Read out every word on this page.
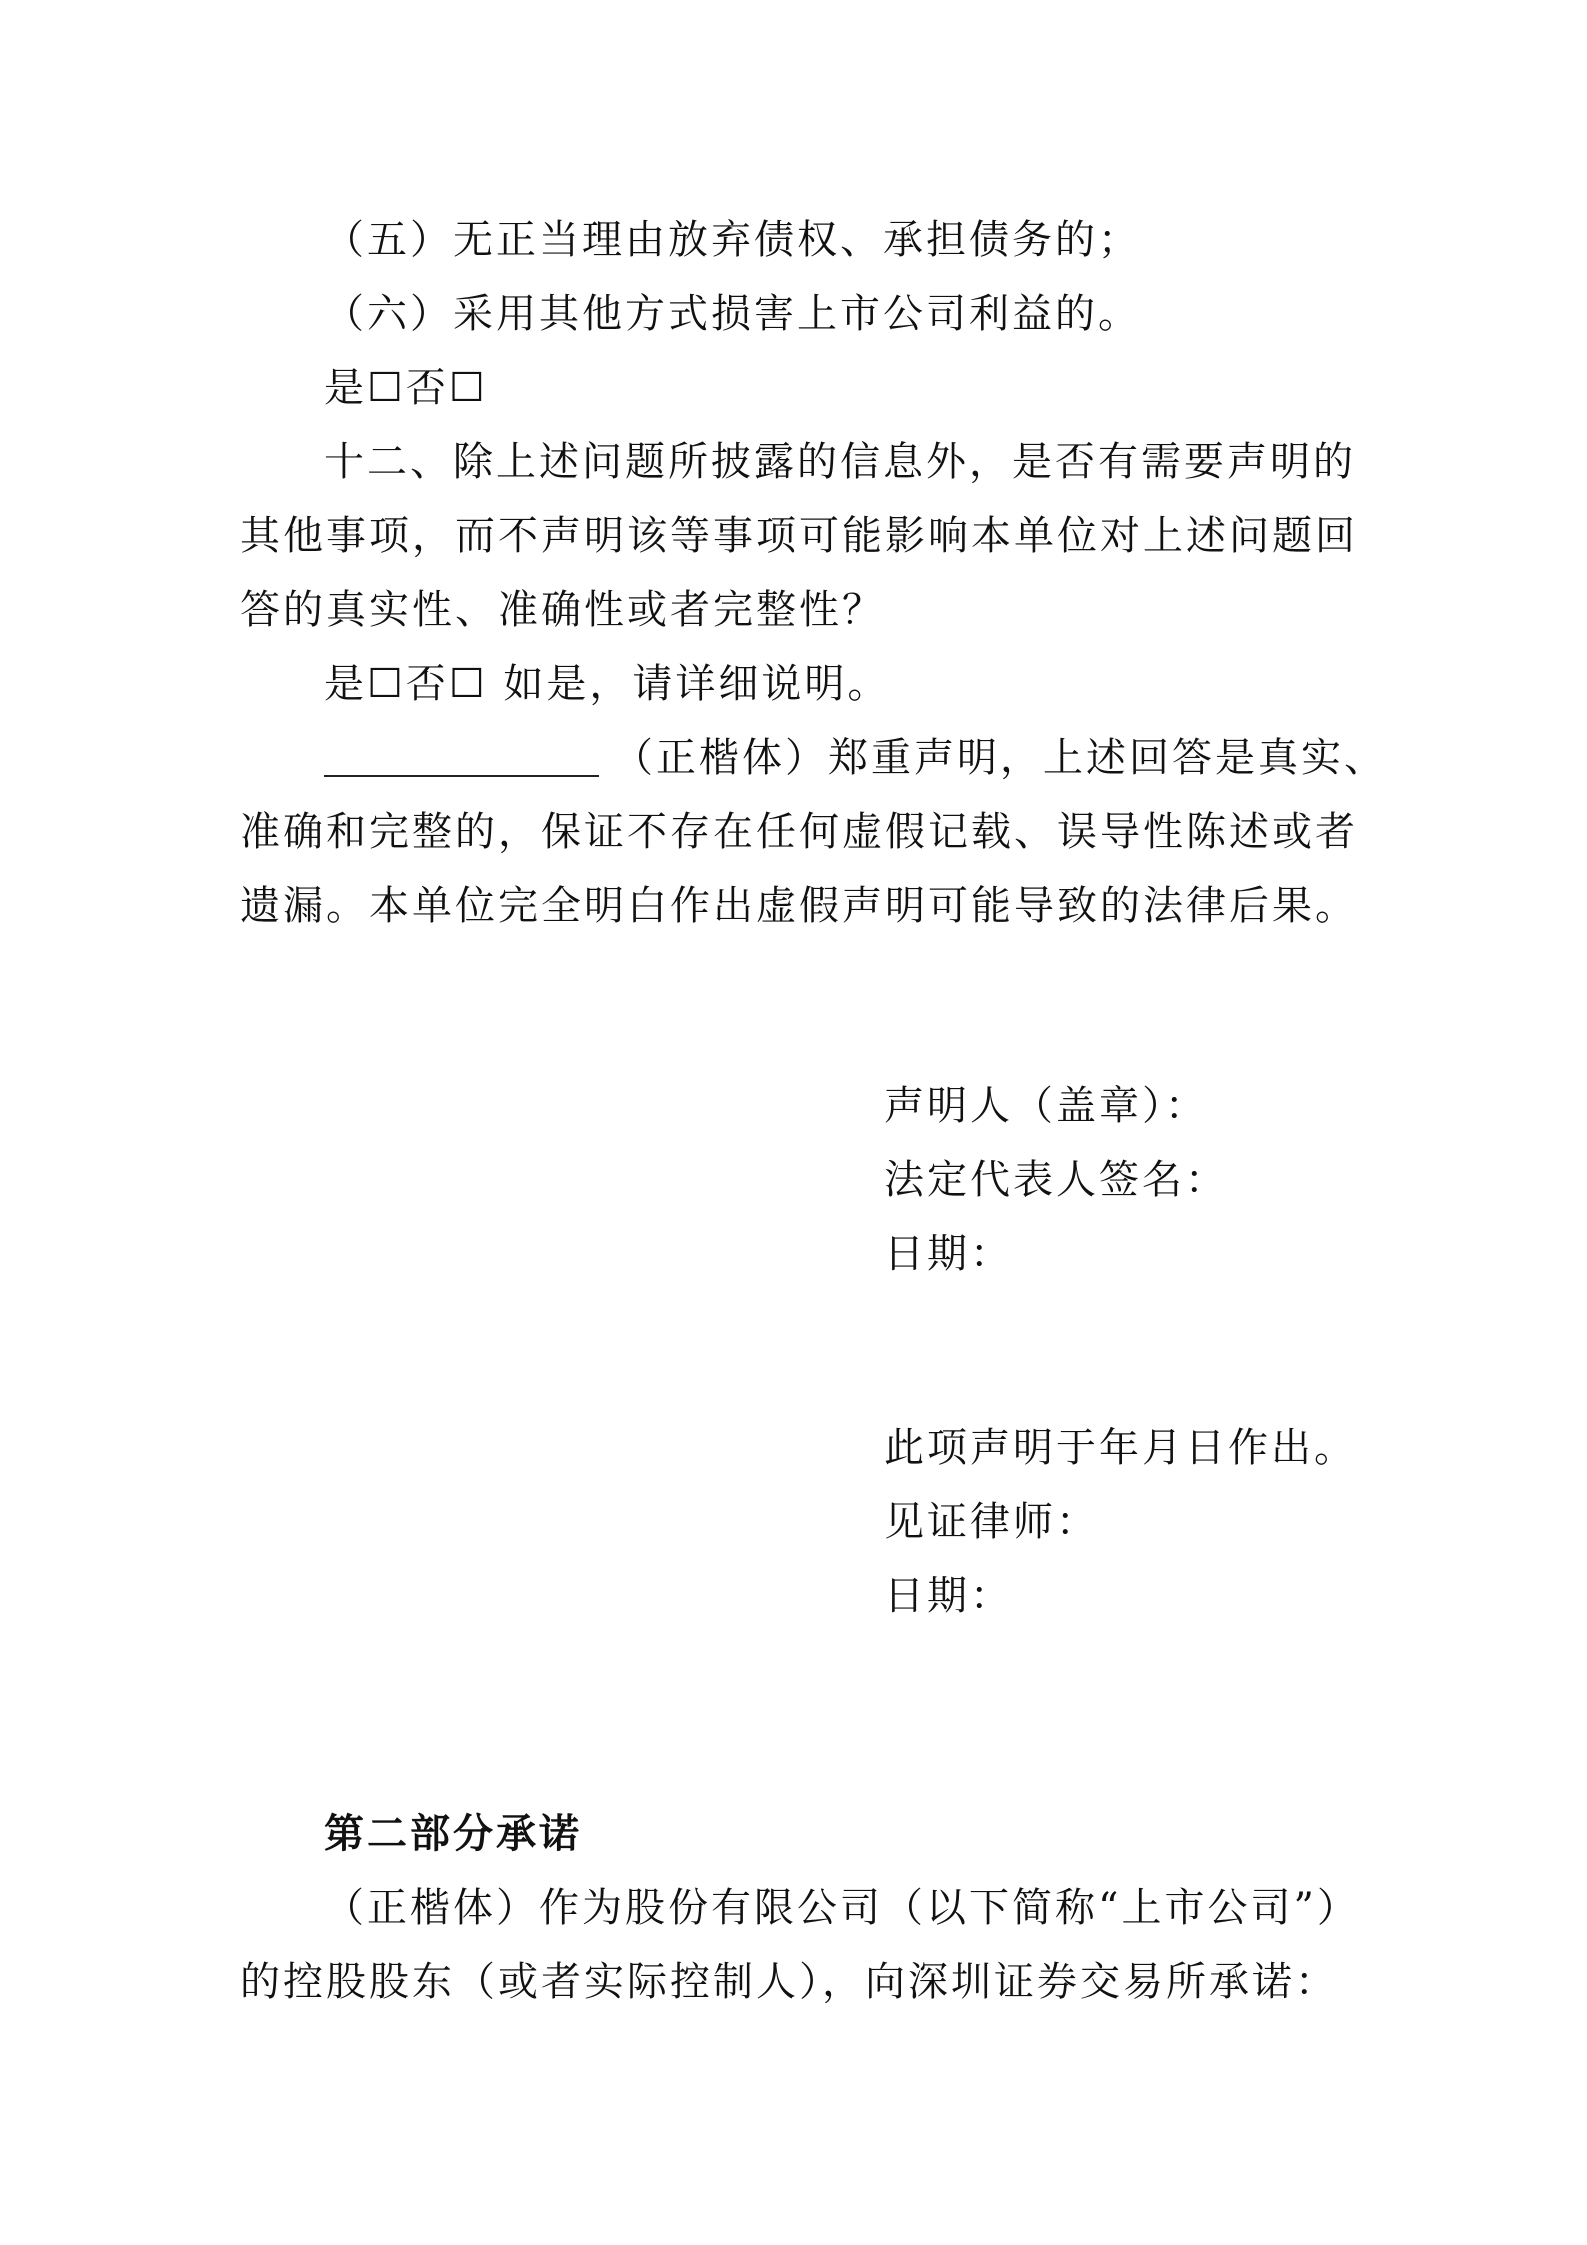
（五）无正当理由放弃债权、承担债务的；
（六）采用其他方式损害上市公司利益的。
是☐否☐
十二、除上述问题所披露的信息外，是否有需要声明的
其他事项，而不声明该等事项可能影响本单位对上述问题回
答的真实性、准确性或者完整性？
是☐否☐ 如是，请详细说明。
（正楷体）郑重声明，上述回答是真实、
准确和完整的，保证不存在任何虚假记载、误导性陈述或者
遗漏。本单位完全明白作出虚假声明可能导致的法律后果。
声明人（盖章）：
法定代表人签名：
日期：
此项声明于年月日作出。
见证律师：
日期：
第二部分承诺
（正楷体）作为股份有限公司（以下简称“上市公司”）
的控股股东（或者实际控制人），向深圳证券交易所承诺：
